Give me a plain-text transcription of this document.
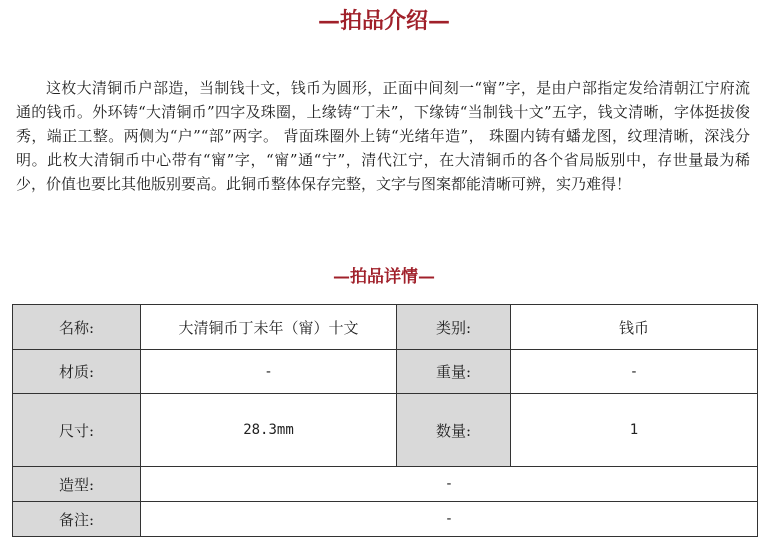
—拍品介绍—
这枚大清铜币户部造，当制钱十文，钱币为圆形，正面中间刻一“甯”字，是由户部指定发给清朝江宁府流通的钱币。外环铸“大清铜币”四字及珠圈，上缘铸“丁未”，下缘铸“当制钱十文”五字，钱文清晰，字体挺拔俊秀，端正工整。两侧为“户”“部”两字。 背面珠圈外上铸“光绪年造”， 珠圈内铸有蟠龙图，纹理清晰，深浅分明。此枚大清铜币中心带有“甯”字，“甯”通“宁”，清代江宁，在大清铜币的各个省局版别中，存世量最为稀少，价值也要比其他版别要高。此铜币整体保存完整，文字与图案都能清晰可辨，实乃难得！
—拍品详情—
名称:	大清铜币丁未年（甯）十文	类别:	钱币
材质:	-	重量:	-
尺寸:	28.3mm	数量:	1
造型:	-		
备注:	-		
